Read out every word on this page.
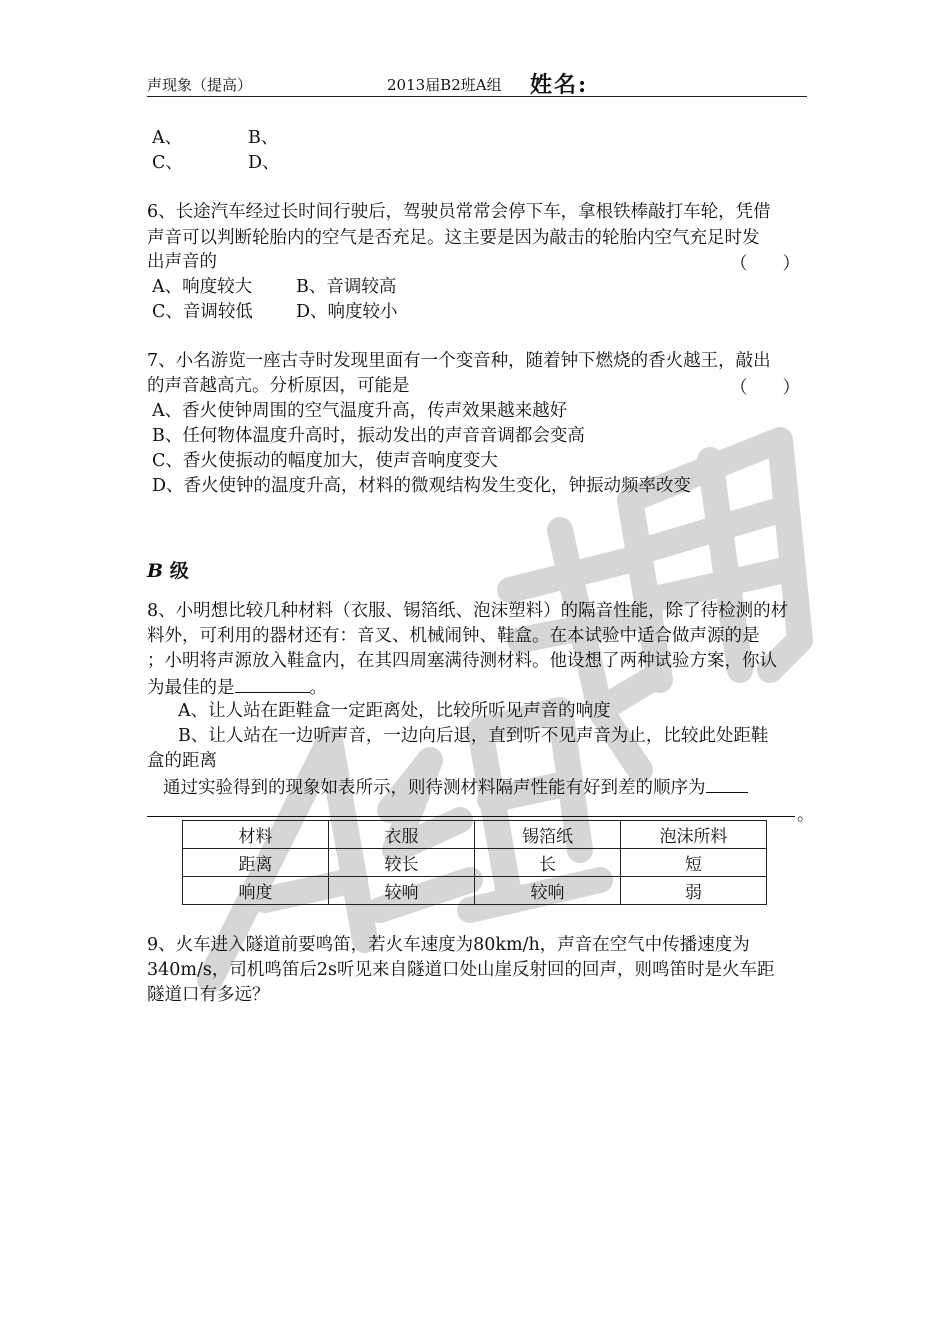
声现象（提高）	2013届B2班A组 姓名:
A、	B、
C、	D、
6、长途汽车经过长时间行驶后，驾驶员常常会停下车，拿根铁棒敲打车轮，凭借
声音可以判断轮胎内的空气是否充足。这主要是因为敲击的轮胎内空气充足时发
出声音的	（　　）
A、响度较大	B、音调较高
C、音调较低 D、响度较小
7、小名游览一座古寺时发现里面有一个变音种，随着钟下燃烧的香火越王，敲出
的声音越高亢。分析原因，可能是	（　　）
A、香火使钟周围的空气温度升高，传声效果越来越好
B、任何物体温度升高时，振动发出的声音音调都会变高
C、香火使振动的幅度加大，使声音响度变大
D、香火使钟的温度升高，材料的微观结构发生变化，钟振动频率改变
B 级
8、小明想比较几种材料（衣服、锡箔纸、泡沫塑料）的隔音性能，除了待检测的材
料外，可利用的器材还有：音叉、机械闹钟、鞋盒。在本试验中适合做声源的是
；小明将声源放入鞋盒内，在其四周塞满待测材料。他设想了两种试验方案，你认
为最佳的是	。
A、让人站在距鞋盒一定距离处，比较所听见声音的响度
B、让人站在一边听声音，一边向后退，直到听不见声音为止，比较此处距鞋
盒的距离
通过实验得到的现象如表所示，则待测材料隔声性能有好到差的顺序为
。
材料	衣服	锡箔纸	泡沫所料
距离	较长	长	短
响度	较响	较响	弱
9、火车进入隧道前要鸣笛，若火车速度为80km/h，声音在空气中传播速度为
340m/s，司机鸣笛后2s听见来自隧道口处山崖反射回的回声，则鸣笛时是火车距
隧道口有多远？
